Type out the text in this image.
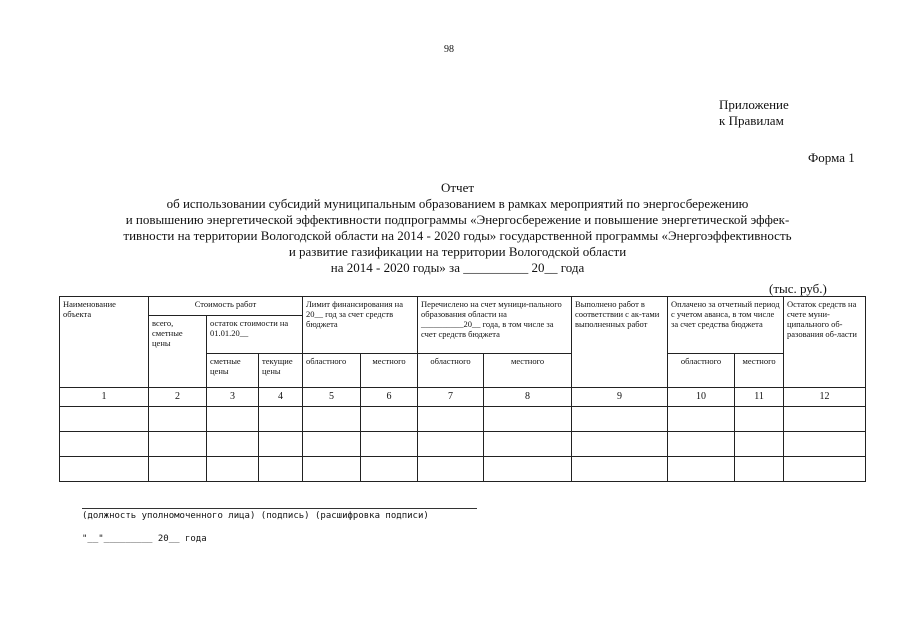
98
Приложение
к Правилам
Форма 1
Отчет
об использовании субсидий муниципальным образованием в рамках мероприятий по энергосбережению
и повышению энергетической эффективности подпрограммы «Энергосбережение и повышение энергетической эффек-
тивности на территории Вологодской области на 2014 - 2020 годы» государственной программы «Энергоэффективность
и развитие газификации на территории Вологодской области
на 2014 - 2020 годы» за __________ 20__ года
(тыс. руб.)
Наименование объекта	Стоимость работ			Лимит финансирования на 20__ год за счет средств бюджета		Перечислено на счет муници-пального образования области на __________20__ года, в том числе за счет средств бюджета		Выполнено работ в соответствии с ак-тами выполненных работ	Оплачено за отчетный период с учетом аванса, в том числе за счет средства бюджета		Остаток средств на счете муни-ципального об-разования об-ласти
	всего, сметные цены	остаток стоимости на 01.01.20__									
		сметные цены	текущие цены	областного	местного	областного	местного		областного	местного	
1	2	3	4	5	6	7	8	9	10	11	12

(должность уполномоченного лица) (подпись) (расшифровка подписи)
"__"_________ 20__ года
